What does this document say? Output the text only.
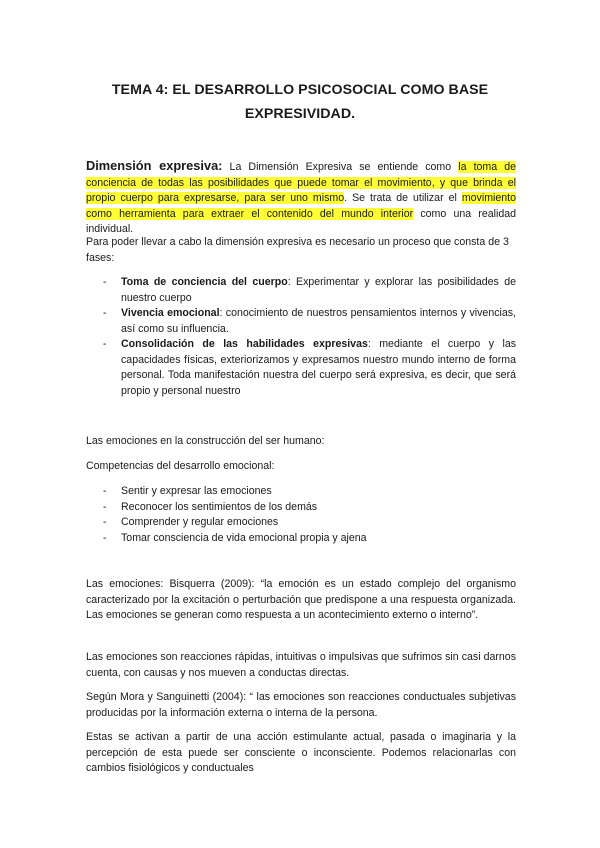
TEMA 4: EL DESARROLLO PSICOSOCIAL COMO BASE
EXPRESIVIDAD.
Dimensión expresiva: La Dimensión Expresiva se entiende como la toma de conciencia de todas las posibilidades que puede tomar el movimiento, y que brinda el propio cuerpo para expresarse, para ser uno mismo. Se trata de utilizar el movimiento como herramienta para extraer el contenido del mundo interior como una realidad individual.
Para poder llevar a cabo la dimensión expresiva es necesario un proceso que consta de 3 fases:
- Toma de conciencia del cuerpo: Experimentar y explorar las posibilidades de nuestro cuerpo
- Vivencia emocional: conocimiento de nuestros pensamientos internos y vivencias, así como su influencia.
- Consolidación de las habilidades expresivas: mediante el cuerpo y las capacidades físicas, exteriorizamos y expresamos nuestro mundo interno de forma personal. Toda manifestación nuestra del cuerpo será expresiva, es decir, que será propio y personal nuestro
Las emociones en la construcción del ser humano:
Competencias del desarrollo emocional:
- Sentir y expresar las emociones
- Reconocer los sentimientos de los demás
- Comprender y regular emociones
- Tomar consciencia de vida emocional propia y ajena
Las emociones: Bisquerra (2009): “la emoción es un estado complejo del organismo caracterizado por la excitación o perturbación que predispone a una respuesta organizada. Las emociones se generan como respuesta a un acontecimiento externo o interno”.
Las emociones son reacciones rápidas, intuitivas o impulsivas que sufrimos sin casi darnos cuenta, con causas y nos mueven a conductas directas.
Según Mora y Sanguinetti (2004): “ las emociones son reacciones conductuales subjetivas producidas por la información externa o interna de la persona.
Estas se activan a partir de una acción estimulante actual, pasada o imaginaria y la percepción de esta puede ser consciente o inconsciente. Podemos relacionarlas con cambios fisiológicos y conductuales
